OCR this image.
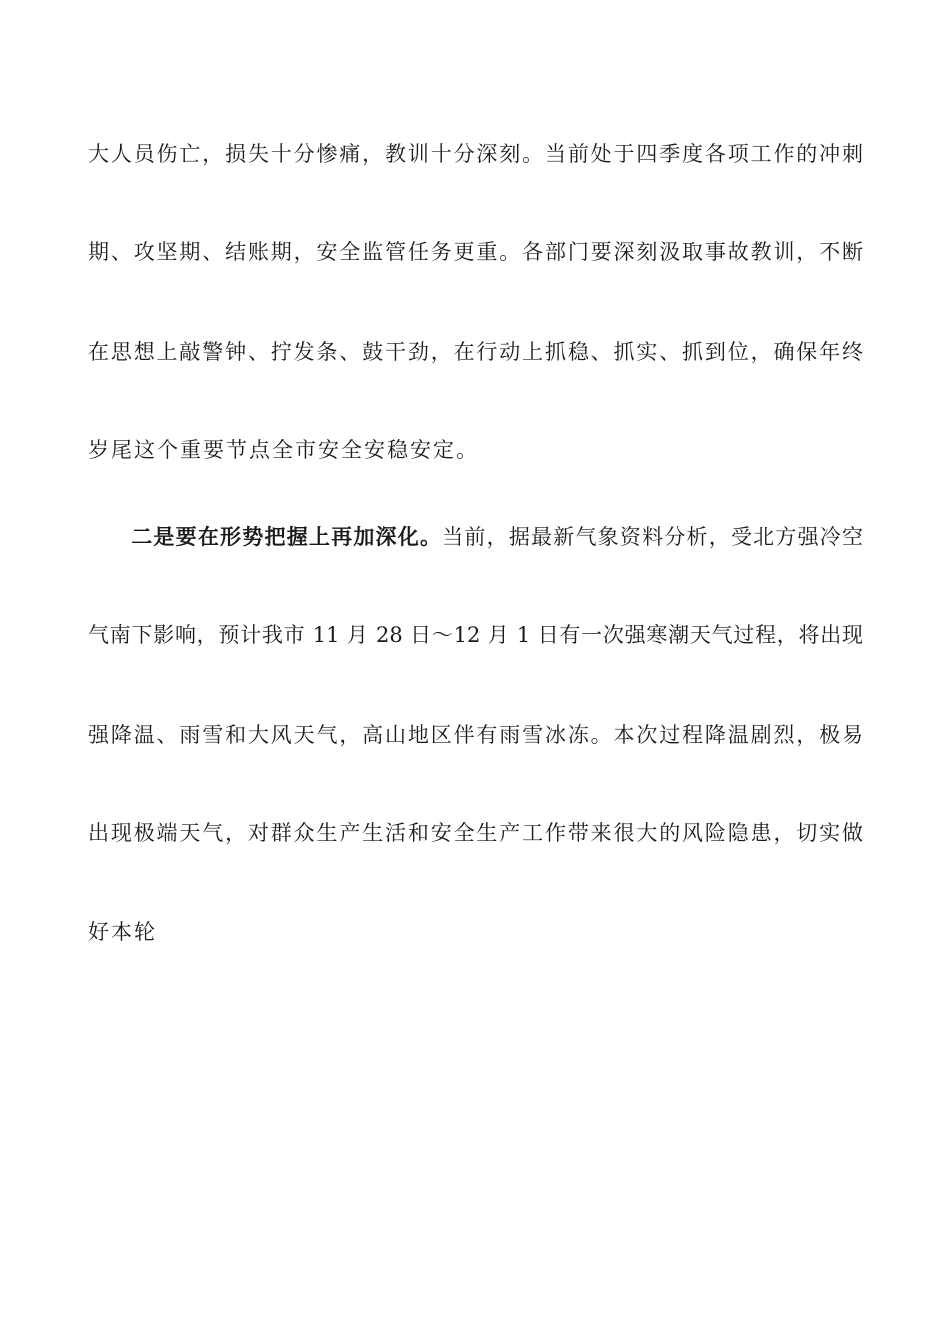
大人员伤亡，损失十分惨痛，教训十分深刻。当前处于四季度各项工作的冲刺
期、攻坚期、结账期，安全监管任务更重。各部门要深刻汲取事故教训，不断
在思想上敲警钟、拧发条、鼓干劲，在行动上抓稳、抓实、抓到位，确保年终
岁尾这个重要节点全市安全安稳安定。
二是要在形势把握上再加深化。当前，据最新气象资料分析，受北方强冷空
气南下影响，预计我市 11 月 28 日～12 月 1 日有一次强寒潮天气过程，将出现
强降温、雨雪和大风天气，高山地区伴有雨雪冰冻。本次过程降温剧烈，极易
出现极端天气，对群众生产生活和安全生产工作带来很大的风险隐患，切实做
好本轮
